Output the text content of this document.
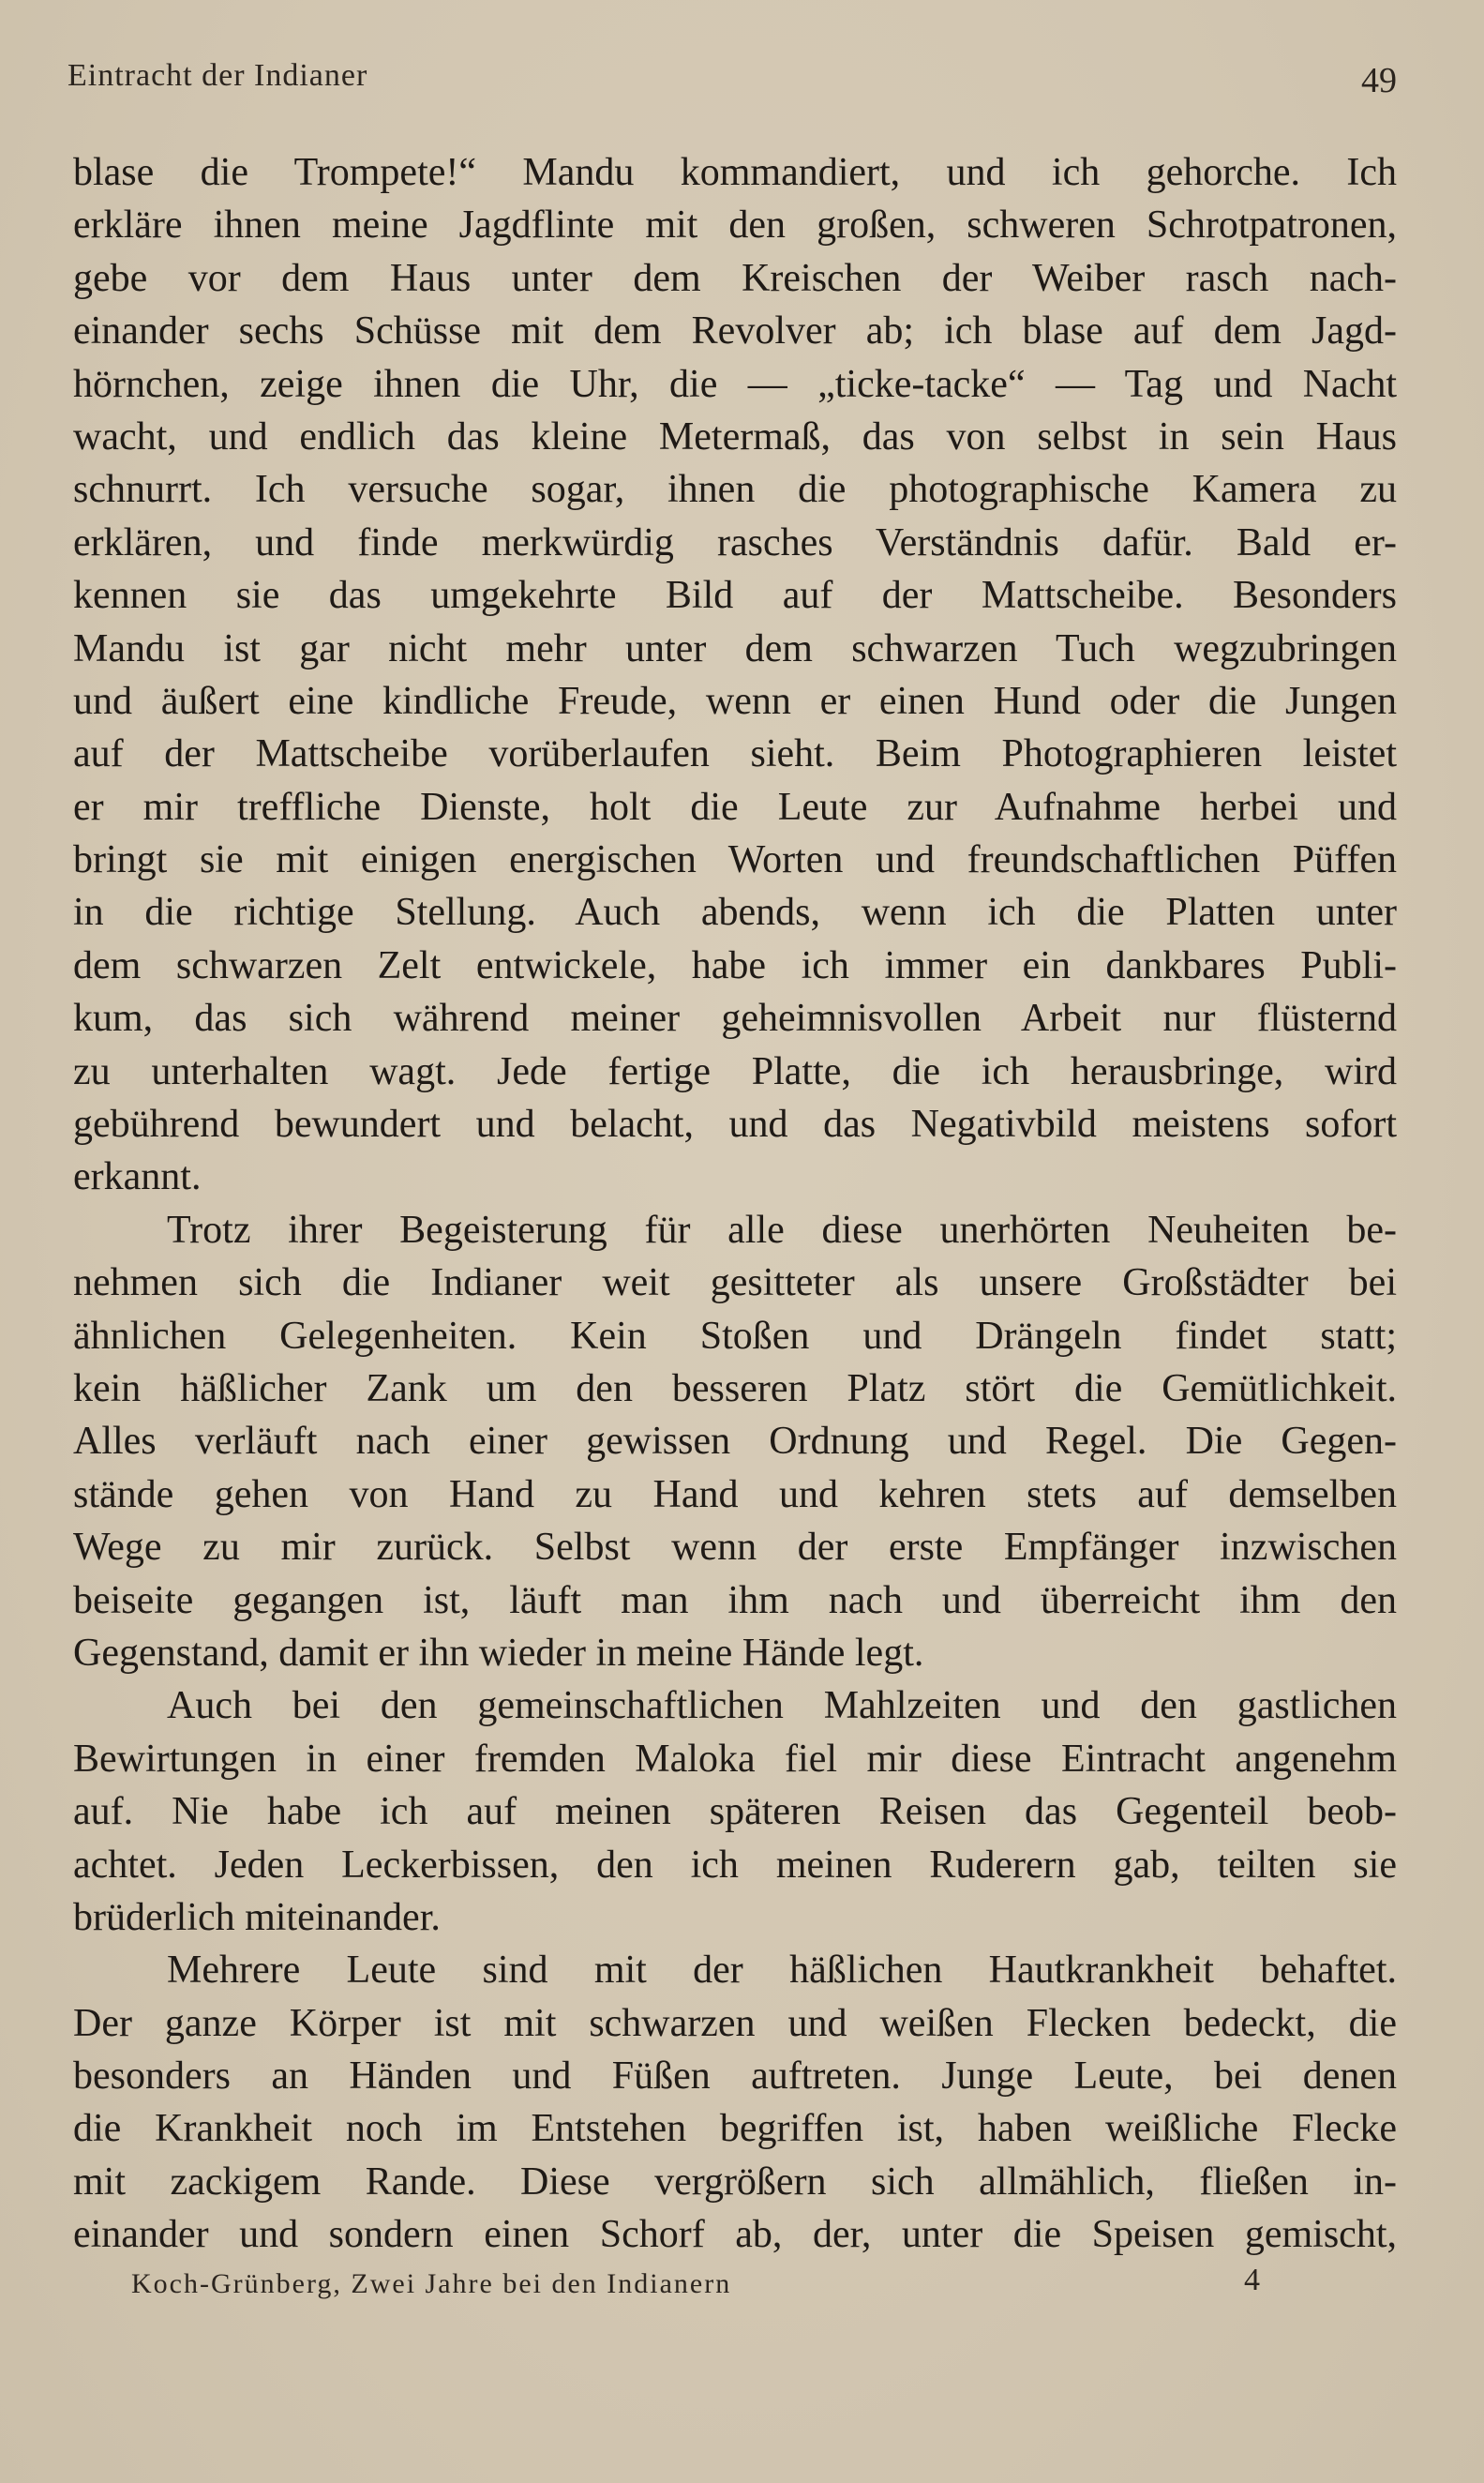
Eintracht der Indianer	49
blase die Trompete!“ Mandu kommandiert, und ich gehorche. Ich
erkläre ihnen meine Jagdflinte mit den großen, schweren Schrotpatronen,
gebe vor dem Haus unter dem Kreischen der Weiber rasch nach-
einander sechs Schüsse mit dem Revolver ab; ich blase auf dem Jagd-
hörnchen, zeige ihnen die Uhr, die — „ticke-tacke“ — Tag und Nacht
wacht, und endlich das kleine Metermaß, das von selbst in sein Haus
schnurrt. Ich versuche sogar, ihnen die photographische Kamera zu
erklären, und finde merkwürdig rasches Verständnis dafür. Bald er-
kennen sie das umgekehrte Bild auf der Mattscheibe. Besonders
Mandu ist gar nicht mehr unter dem schwarzen Tuch wegzubringen
und äußert eine kindliche Freude, wenn er einen Hund oder die Jungen
auf der Mattscheibe vorüberlaufen sieht. Beim Photographieren leistet
er mir treffliche Dienste, holt die Leute zur Aufnahme herbei und
bringt sie mit einigen energischen Worten und freundschaftlichen Püffen
in die richtige Stellung. Auch abends, wenn ich die Platten unter
dem schwarzen Zelt entwickele, habe ich immer ein dankbares Publi-
kum, das sich während meiner geheimnisvollen Arbeit nur flüsternd
zu unterhalten wagt. Jede fertige Platte, die ich herausbringe, wird
gebührend bewundert und belacht, und das Negativbild meistens sofort
erkannt.
Trotz ihrer Begeisterung für alle diese unerhörten Neuheiten be-
nehmen sich die Indianer weit gesitteter als unsere Großstädter bei
ähnlichen Gelegenheiten. Kein Stoßen und Drängeln findet statt;
kein häßlicher Zank um den besseren Platz stört die Gemütlichkeit.
Alles verläuft nach einer gewissen Ordnung und Regel. Die Gegen-
stände gehen von Hand zu Hand und kehren stets auf demselben
Wege zu mir zurück. Selbst wenn der erste Empfänger inzwischen
beiseite gegangen ist, läuft man ihm nach und überreicht ihm den
Gegenstand, damit er ihn wieder in meine Hände legt.
Auch bei den gemeinschaftlichen Mahlzeiten und den gastlichen
Bewirtungen in einer fremden Maloka fiel mir diese Eintracht angenehm
auf. Nie habe ich auf meinen späteren Reisen das Gegenteil beob-
achtet. Jeden Leckerbissen, den ich meinen Ruderern gab, teilten sie
brüderlich miteinander.
Mehrere Leute sind mit der häßlichen Hautkrankheit behaftet.
Der ganze Körper ist mit schwarzen und weißen Flecken bedeckt, die
besonders an Händen und Füßen auftreten. Junge Leute, bei denen
die Krankheit noch im Entstehen begriffen ist, haben weißliche Flecke
mit zackigem Rande. Diese vergrößern sich allmählich, fließen in-
einander und sondern einen Schorf ab, der, unter die Speisen gemischt,
Koch-Grünberg, Zwei Jahre bei den Indianern	4
